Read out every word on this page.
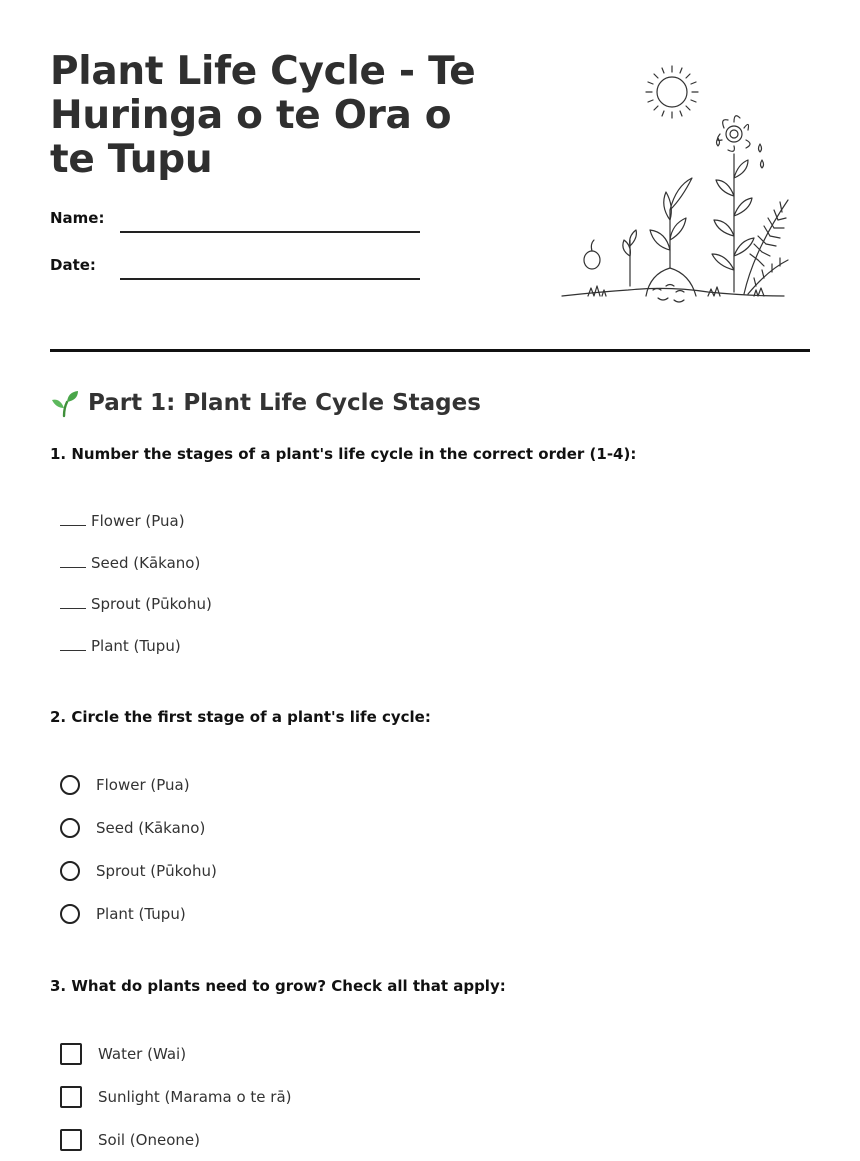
Plant Life Cycle - Te Huringa o te Ora o te Tupu
Name:
Date:
Part 1: Plant Life Cycle Stages

1. Number the stages of a plant's life cycle in the correct order (1-4):

Flower (Pua)
Seed (Kākano)
Sprout (Pūkohu)
Plant (Tupu)

2. Circle the first stage of a plant's life cycle:

Flower (Pua)
Seed (Kākano)
Sprout (Pūkohu)
Plant (Tupu)

3. What do plants need to grow? Check all that apply:

Water (Wai)
Sunlight (Marama o te rā)
Soil (Oneone)
